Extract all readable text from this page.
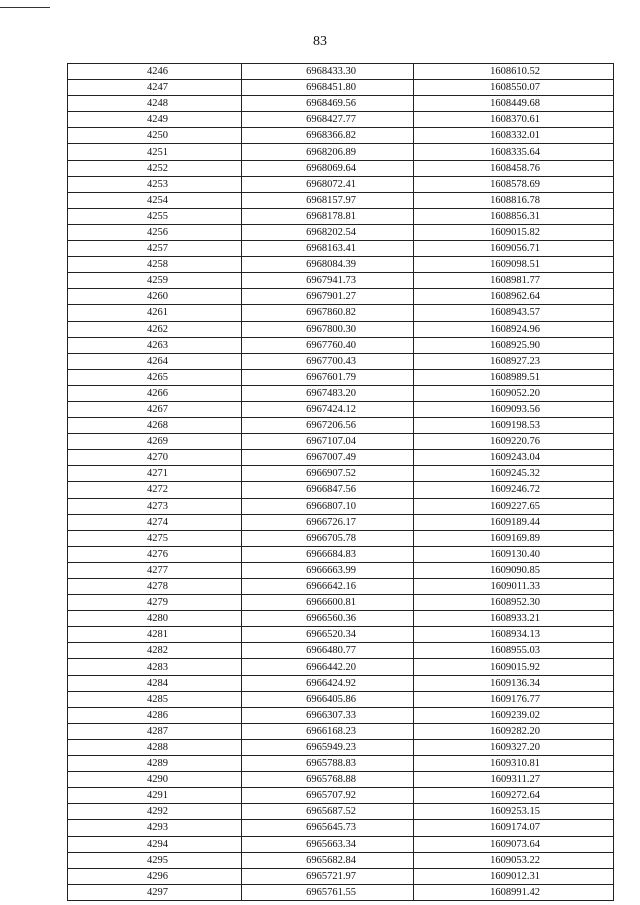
83
4246	6968433.30	1608610.52
4247	6968451.80	1608550.07
4248	6968469.56	1608449.68
4249	6968427.77	1608370.61
4250	6968366.82	1608332.01
4251	6968206.89	1608335.64
4252	6968069.64	1608458.76
4253	6968072.41	1608578.69
4254	6968157.97	1608816.78
4255	6968178.81	1608856.31
4256	6968202.54	1609015.82
4257	6968163.41	1609056.71
4258	6968084.39	1609098.51
4259	6967941.73	1608981.77
4260	6967901.27	1608962.64
4261	6967860.82	1608943.57
4262	6967800.30	1608924.96
4263	6967760.40	1608925.90
4264	6967700.43	1608927.23
4265	6967601.79	1608989.51
4266	6967483.20	1609052.20
4267	6967424.12	1609093.56
4268	6967206.56	1609198.53
4269	6967107.04	1609220.76
4270	6967007.49	1609243.04
4271	6966907.52	1609245.32
4272	6966847.56	1609246.72
4273	6966807.10	1609227.65
4274	6966726.17	1609189.44
4275	6966705.78	1609169.89
4276	6966684.83	1609130.40
4277	6966663.99	1609090.85
4278	6966642.16	1609011.33
4279	6966600.81	1608952.30
4280	6966560.36	1608933.21
4281	6966520.34	1608934.13
4282	6966480.77	1608955.03
4283	6966442.20	1609015.92
4284	6966424.92	1609136.34
4285	6966405.86	1609176.77
4286	6966307.33	1609239.02
4287	6966168.23	1609282.20
4288	6965949.23	1609327.20
4289	6965788.83	1609310.81
4290	6965768.88	1609311.27
4291	6965707.92	1609272.64
4292	6965687.52	1609253.15
4293	6965645.73	1609174.07
4294	6965663.34	1609073.64
4295	6965682.84	1609053.22
4296	6965721.97	1609012.31
4297	6965761.55	1608991.42
